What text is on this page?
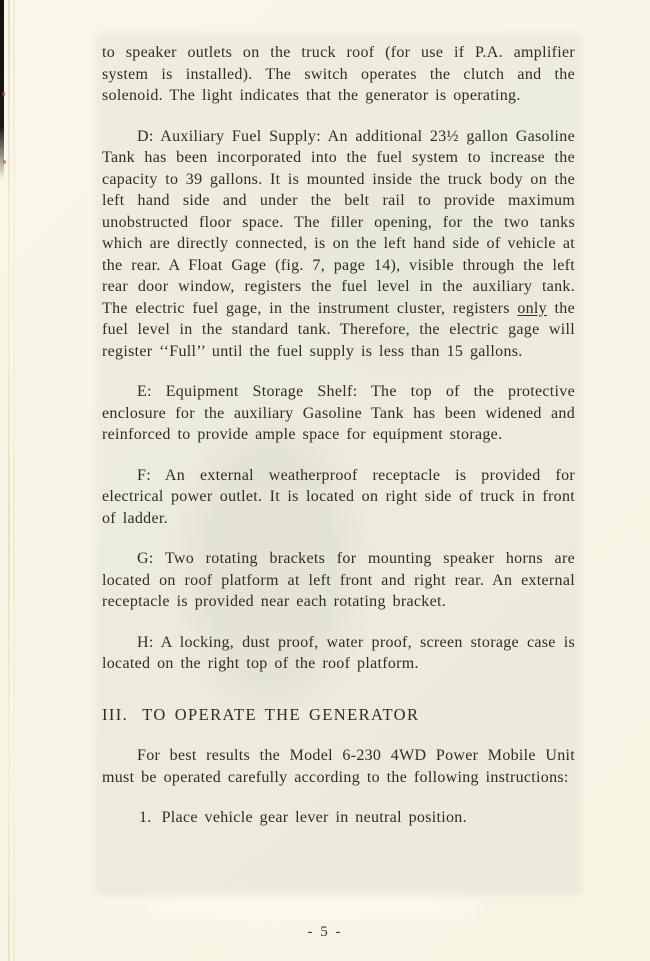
to speaker outlets on the truck roof (for use if P.A. amplifier system is installed). The switch operates the clutch and the solenoid. The light indicates that the generator is operating.

D: Auxiliary Fuel Supply: An additional 23½ gallon Gasoline Tank has been incorporated into the fuel system to increase the capacity to 39 gallons. It is mounted inside the truck body on the left hand side and under the belt rail to provide maximum unobstructed floor space. The filler opening, for the two tanks which are directly connected, is on the left hand side of vehicle at the rear. A Float Gage (fig. 7, page 14), visible through the left rear door window, registers the fuel level in the auxiliary tank. The electric fuel gage, in the instrument cluster, registers only the fuel level in the standard tank. Therefore, the electric gage will register ‘‘Full’’ until the fuel supply is less than 15 gallons.

E: Equipment Storage Shelf: The top of the protective enclosure for the auxiliary Gasoline Tank has been widened and reinforced to provide ample space for equipment storage.

F: An external weatherproof receptacle is provided for electrical power outlet. It is located on right side of truck in front of ladder.

G: Two rotating brackets for mounting speaker horns are located on roof platform at left front and right rear. An external receptacle is provided near each rotating bracket.

H: A locking, dust proof, water proof, screen storage case is located on the right top of the roof platform.

III. TO OPERATE THE GENERATOR

For best results the Model 6-230 4WD Power Mobile Unit must be operated carefully according to the following instructions:

1. Place vehicle gear lever in neutral position.
- 5 -
